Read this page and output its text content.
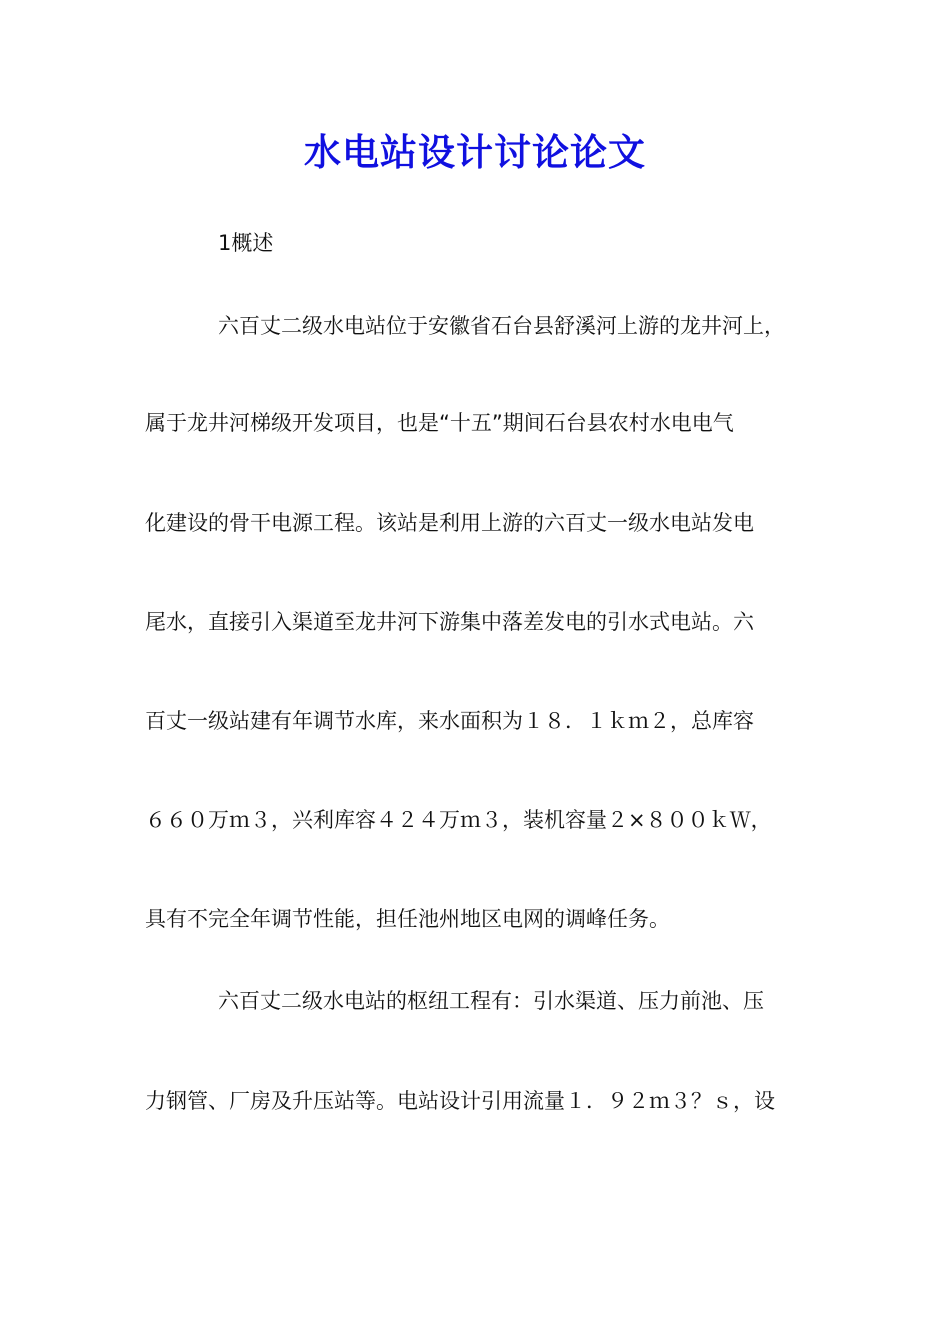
水电站设计讨论论文

1概述

六百丈二级水电站位于安徽省石台县舒溪河上游的龙井河上，

属于龙井河梯级开发项目，也是“十五”期间石台县农村水电电气

化建设的骨干电源工程。该站是利用上游的六百丈一级水电站发电

尾水，直接引入渠道至龙井河下游集中落差发电的引水式电站。六

百丈一级站建有年调节水库，来水面积为１８．１ｋｍ２，总库容

６６０万ｍ３，兴利库容４２４万ｍ３，装机容量２×８００ｋＷ，

具有不完全年调节性能，担任池州地区电网的调峰任务。

六百丈二级水电站的枢纽工程有：引水渠道、压力前池、压

力钢管、厂房及升压站等。电站设计引用流量１．９２ｍ３？ｓ，设
